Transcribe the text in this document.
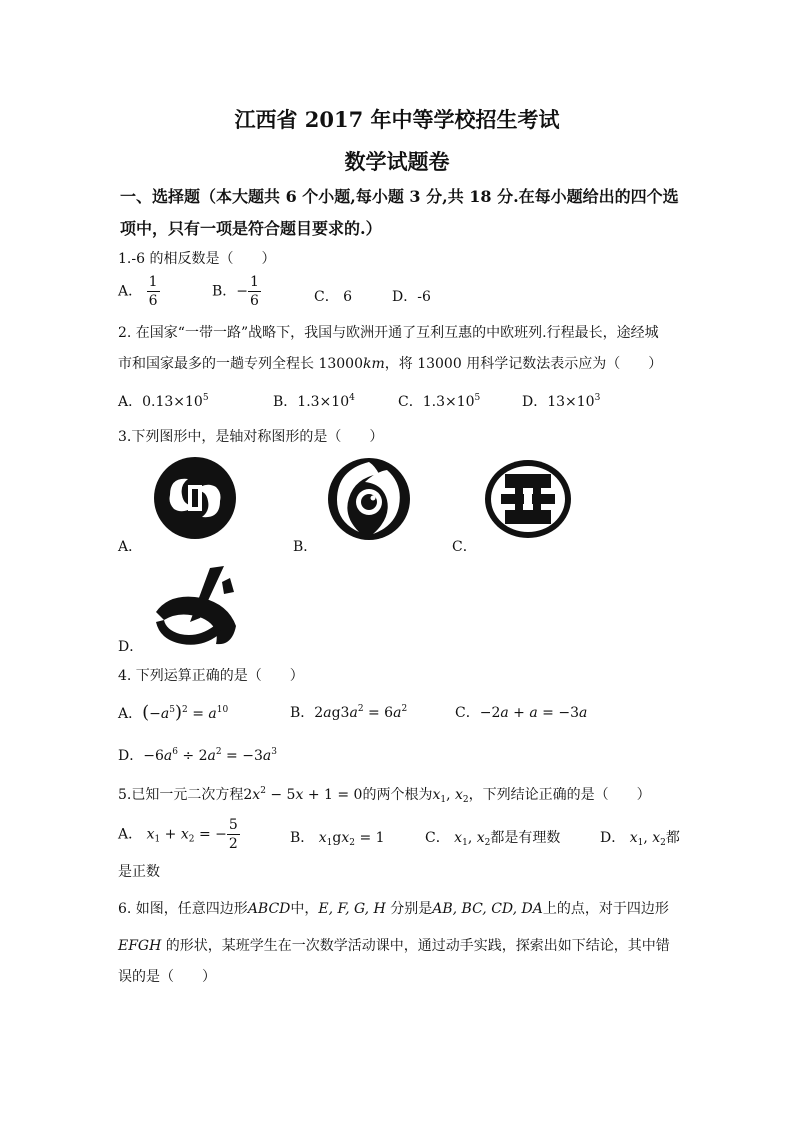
江西省 2017 年中等学校招生考试
数学试题卷
一、选择题（本大题共 6 个小题,每小题 3 分,共 18 分.在每小题给出的四个选
项中，只有一项是符合题目要求的.）
1.-6 的相反数是（　　）
A． $\frac{1}{6}$	B．− $\frac{1}{6}$	C． 6	D．-6
2. 在国家“一带一路”战略下，我国与欧洲开通了互利互惠的中欧班列.行程最长，途经城
市和国家最多的一趟专列全程长 13000km，将 13000 用科学记数法表示应为（　　）
A．$0.13\times 10^5$	B．$1.3\times 10^4$	C．$1.3\times 10^5$	D．$13\times 10^3$
3.下列图形中，是轴对称图形的是（　　）
A．	B．	C．
D．
4. 下列运算正确的是（　　）
A．$(-a^5)^2 = a^{10}$	B．$2ag3a^2 = 6a^2$	C．−2a + a = −3a
D．$-6a^6 \div 2a^2 = -3a^3$
5.已知一元二次方程$2x^2 - 5x + 1 = 0$的两个根为$x_1$, $x_2$，下列结论正确的是（　　）
A． $x_1 + x_2$ = − $\frac{5}{2}$	B． $x_1gx_2 = 1$	C． $x_1$, $x_2$都是有理数	D． $x_1$, $x_2$都
是正数
6. 如图，任意四边形ABCD中，E, F, G, H 分别是AB, BC, CD, DA上的点，对于四边形
EFGH 的形状，某班学生在一次数学活动课中，通过动手实践，探索出如下结论，其中错
误的是（　　）
